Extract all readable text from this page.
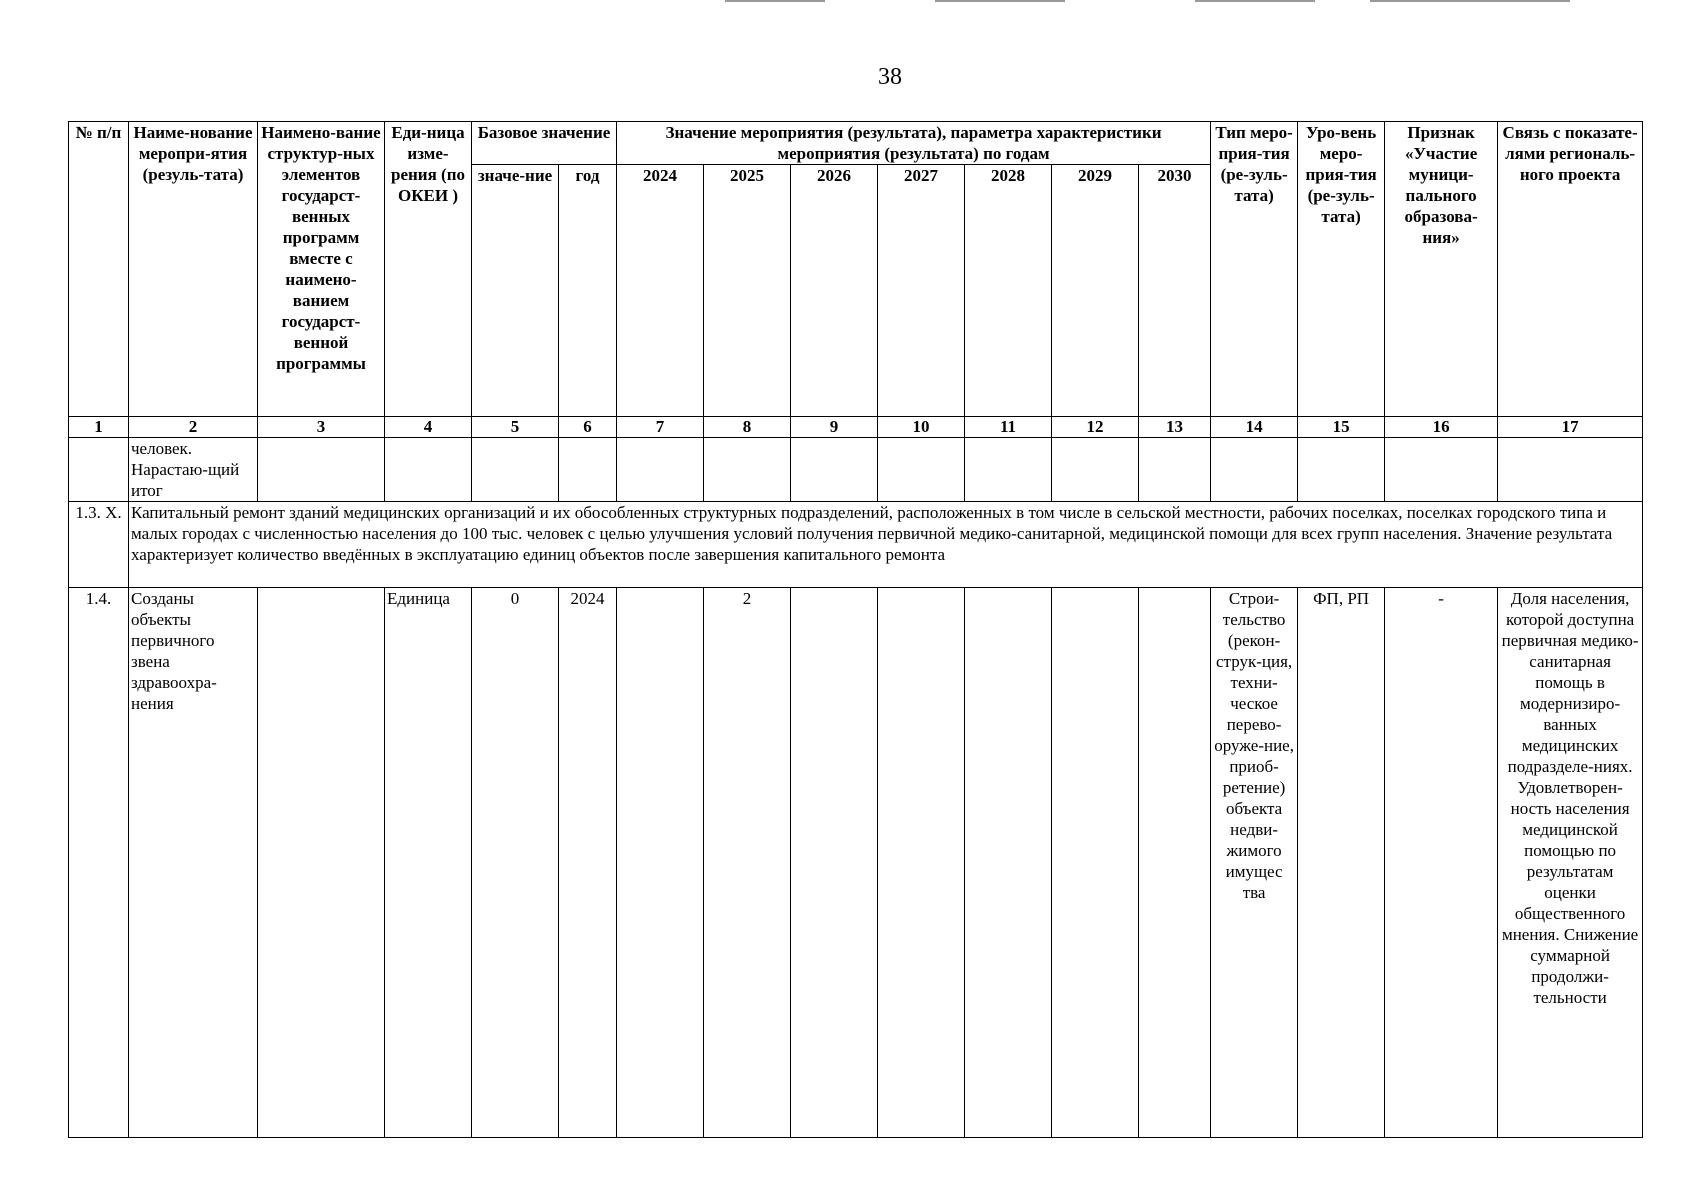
38
№ п/п	Наиме-нование меропри-ятия (резуль-тата)	Наимено-вание структур-ных элементов государст-венных программ вместе с наимено-ванием государст-венной программы	Еди-ница изме-рения (по ОКЕИ )	Базовое значение		Значение мероприятия (результата), параметра характеристики мероприятия (результата) по годам							Тип меро-прия-тия (ре-зуль-тата)	Уро-вень меро-прия-тия (ре-зуль-тата)	Признак «Участие муници-пального образова-ния»	Связь с показате-лями региональ-ного проекта
				значе-ние	год	2024	2025	2026	2027	2028	2029	2030				
1	2	3	4	5	6	7	8	9	10	11	12	13	14	15	16	17
	человек. Нарастаю-щий итог															
1.3. X.	Капитальный ремонт зданий медицинских организаций и их обособленных структурных подразделений, расположенных в том числе в сельской местности, рабочих поселках, поселках городского типа и малых городах с численностью населения до 100 тыс. человек с целью улучшения условий получения первичной медико-санитарной, медицинской помощи для всех групп населения. Значение результата характеризует количество введённых в эксплуатацию единиц объектов после завершения капитального ремонта															
1.4.	Созданы объекты первичного звена здравоохра-нения		Единица	0	2024		2						Строи-тельство (рекон-струк-ция, техни-ческое перево-оруже-ние, приоб-ретение) объекта недви-жимого имущес тва	ФП, РП	-	Доля населения, которой доступна первичная медико-санитарная помощь в модернизиро-ванных медицинских подразделе-ниях. Удовлетворен-ность населения медицинской помощью по результатам оценки общественного мнения. Снижение суммарной продолжи-тельности
